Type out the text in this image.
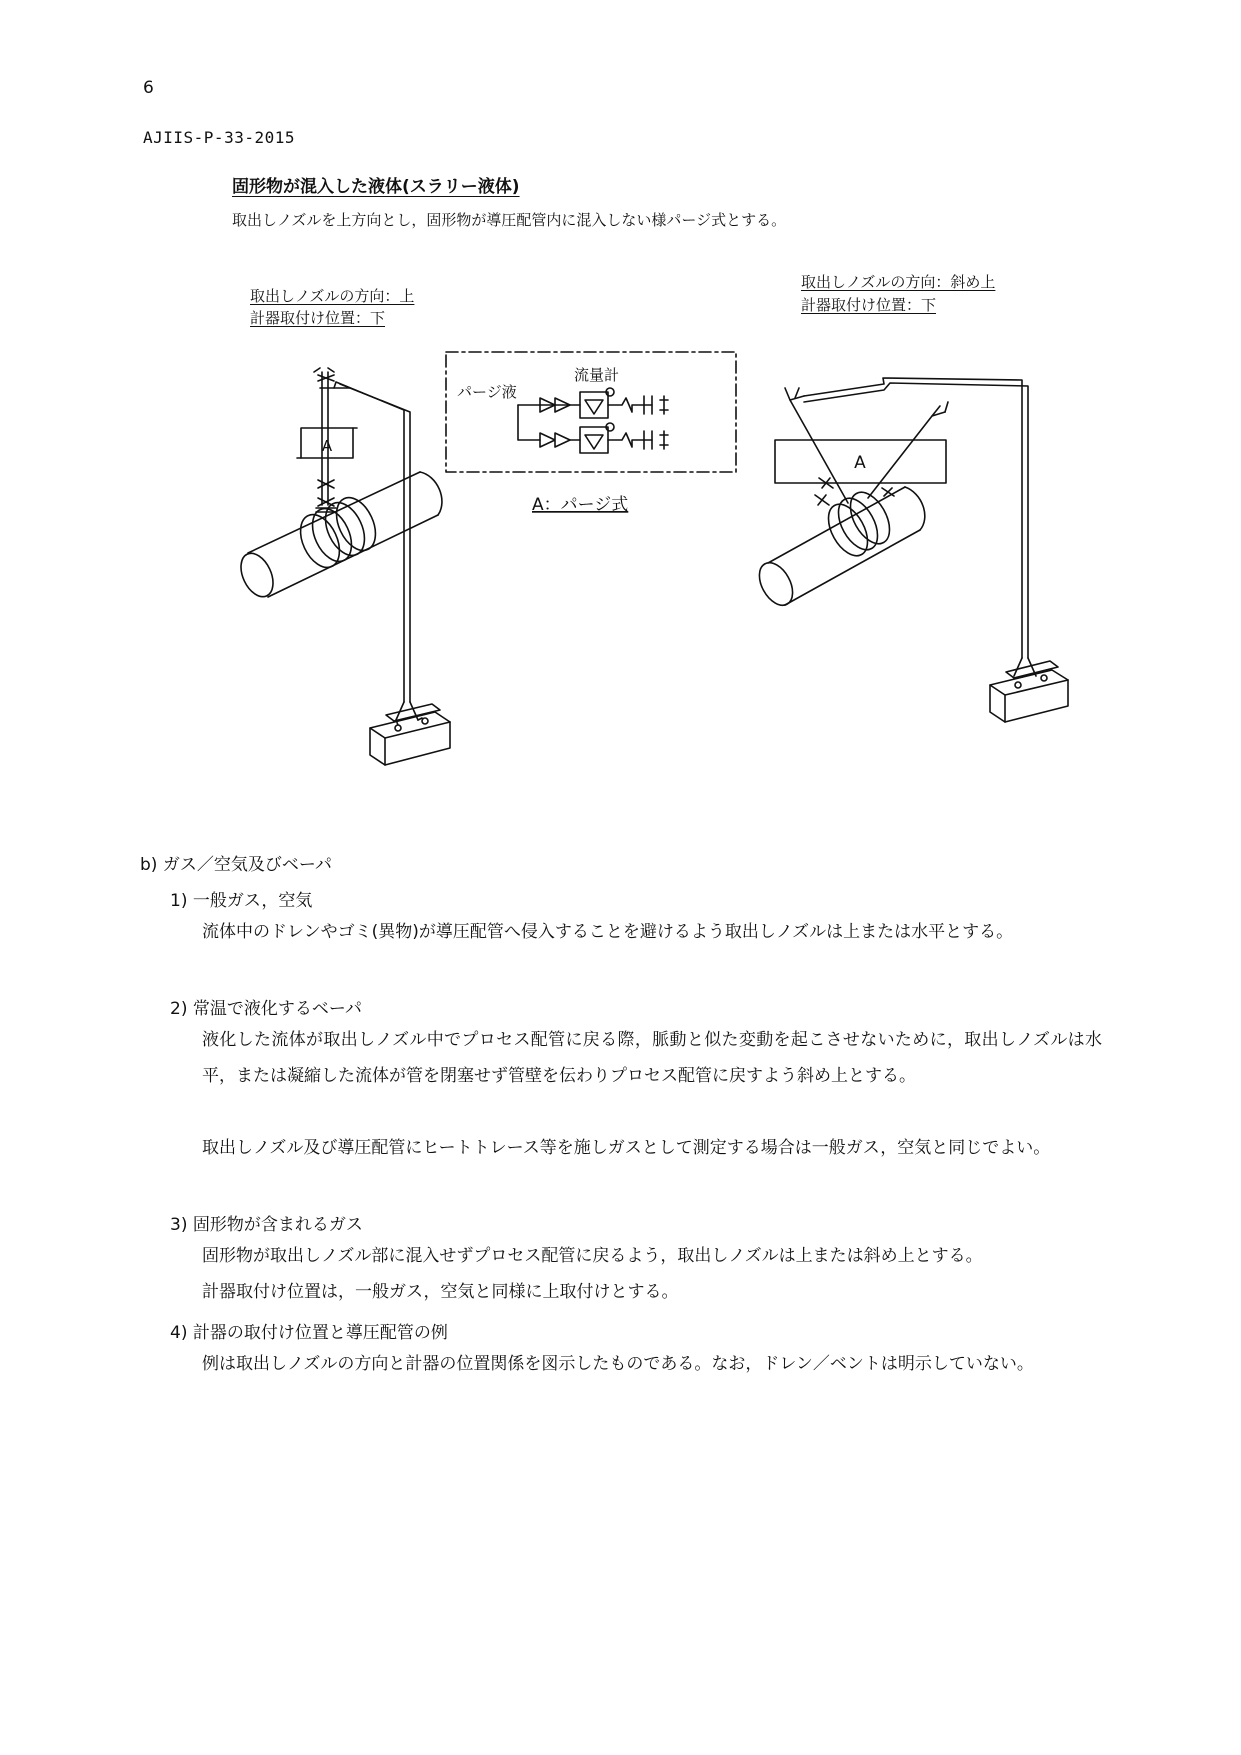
6
AJIIS-P-33-2015
固形物が混入した液体(スラリー液体)
取出しノズルを上方向とし，固形物が導圧配管内に混入しない様パージ式とする。
取出しノズルの方向：上
計器取付け位置：下
取出しノズルの方向：斜め上
計器取付け位置：下
A
A
パージ液
流量計
A：パージ式
b) ガス／空気及びベーパ
1) 一般ガス，空気
流体中のドレンやゴミ(異物)が導圧配管へ侵入することを避けるよう取出しノズルは上または水平とする。
2) 常温で液化するベーパ
液化した流体が取出しノズル中でプロセス配管に戻る際，脈動と似た変動を起こさせないために，取出しノズルは水平，または凝縮した流体が管を閉塞せず管壁を伝わりプロセス配管に戻すよう斜め上とする。
取出しノズル及び導圧配管にヒートトレース等を施しガスとして測定する場合は一般ガス，空気と同じでよい。
3) 固形物が含まれるガス
固形物が取出しノズル部に混入せずプロセス配管に戻るよう，取出しノズルは上または斜め上とする。
計器取付け位置は，一般ガス，空気と同様に上取付けとする。
4) 計器の取付け位置と導圧配管の例
例は取出しノズルの方向と計器の位置関係を図示したものである。なお，ドレン／ベントは明示していない。
